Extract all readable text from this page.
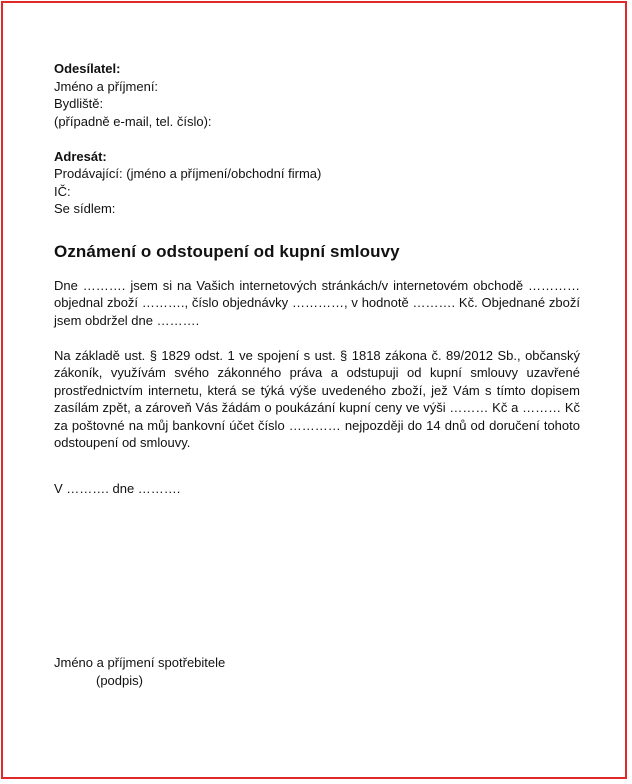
Odesílatel:
Jméno a příjmení:
Bydliště:
(případně e-mail, tel. číslo):
Adresát:
Prodávající: (jméno a příjmení/obchodní firma)
IČ:
Se sídlem:
Oznámení o odstoupení od kupní smlouvy

Dne ………. jsem si na Vašich internetových stránkách/v internetovém obchodě ………… objednal zboží ………., číslo objednávky …………, v hodnotě ………. Kč. Objednané zboží jsem obdržel dne ……….

Na základě ust. § 1829 odst. 1 ve spojení s ust. § 1818 zákona č. 89/2012 Sb., občanský zákoník, využívám svého zákonného práva a odstupuji od kupní smlouvy uzavřené prostřednictvím internetu, která se týká výše uvedeného zboží, jež Vám s tímto dopisem zasílám zpět, a zároveň Vás žádám o poukázání kupní ceny ve výši ……… Kč a ……… Kč za poštovné na můj bankovní účet číslo ………… nejpozději do 14 dnů od doručení tohoto odstoupení od smlouvy.

V ………. dne ……….
Jméno a příjmení spotřebitele
(podpis)
